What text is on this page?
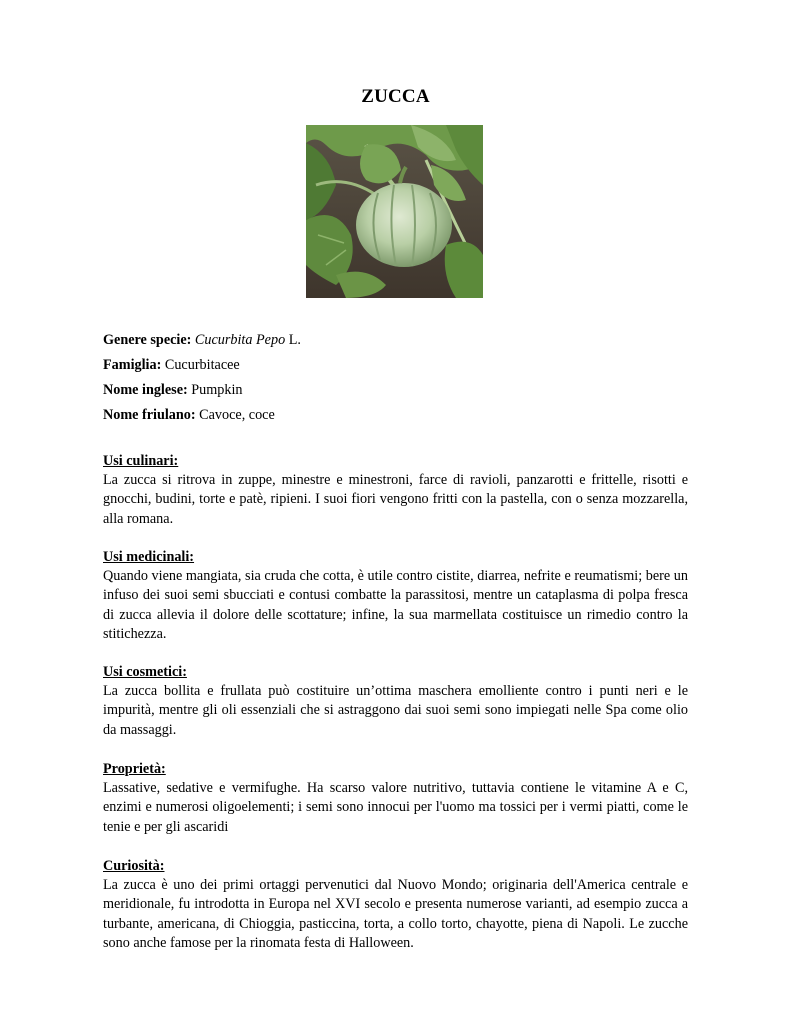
ZUCCA
Genere specie: Cucurbita Pepo L.
Famiglia: Cucurbitacee
Nome inglese: Pumpkin
Nome friulano: Cavoce, coce
Usi culinari:

La zucca si ritrova in zuppe, minestre e minestroni, farce di ravioli, panzarotti e frittelle, risotti e gnocchi, budini, torte e patè, ripieni. I suoi fiori vengono fritti con la pastella, con o senza mozzarella, alla romana.

Usi medicinali:

Quando viene mangiata, sia cruda che cotta, è utile contro cistite, diarrea, nefrite e reumatismi; bere un infuso dei suoi semi sbucciati e contusi combatte la parassitosi, mentre un cataplasma di polpa fresca di zucca allevia il dolore delle scottature; infine, la sua marmellata costituisce un rimedio contro la stitichezza.

Usi cosmetici:

La zucca bollita e frullata può costituire un’ottima maschera emolliente contro i punti neri e le impurità, mentre gli oli essenziali che si astraggono dai suoi semi sono impiegati nelle Spa come olio da massaggi.

Proprietà:

Lassative, sedative e vermifughe. Ha scarso valore nutritivo, tuttavia contiene le vitamine A e C, enzimi e numerosi oligoelementi; i semi sono innocui per l'uomo ma tossici per i vermi piatti, come le tenie e per gli ascaridi

Curiosità:

La zucca è uno dei primi ortaggi pervenutici dal Nuovo Mondo; originaria dell'America centrale e meridionale, fu introdotta in Europa nel XVI secolo e presenta numerose varianti, ad esempio zucca a turbante, americana, di Chioggia, pasticcina, torta, a collo torto, chayotte, piena di Napoli. Le zucche sono anche famose per la rinomata festa di Halloween.
